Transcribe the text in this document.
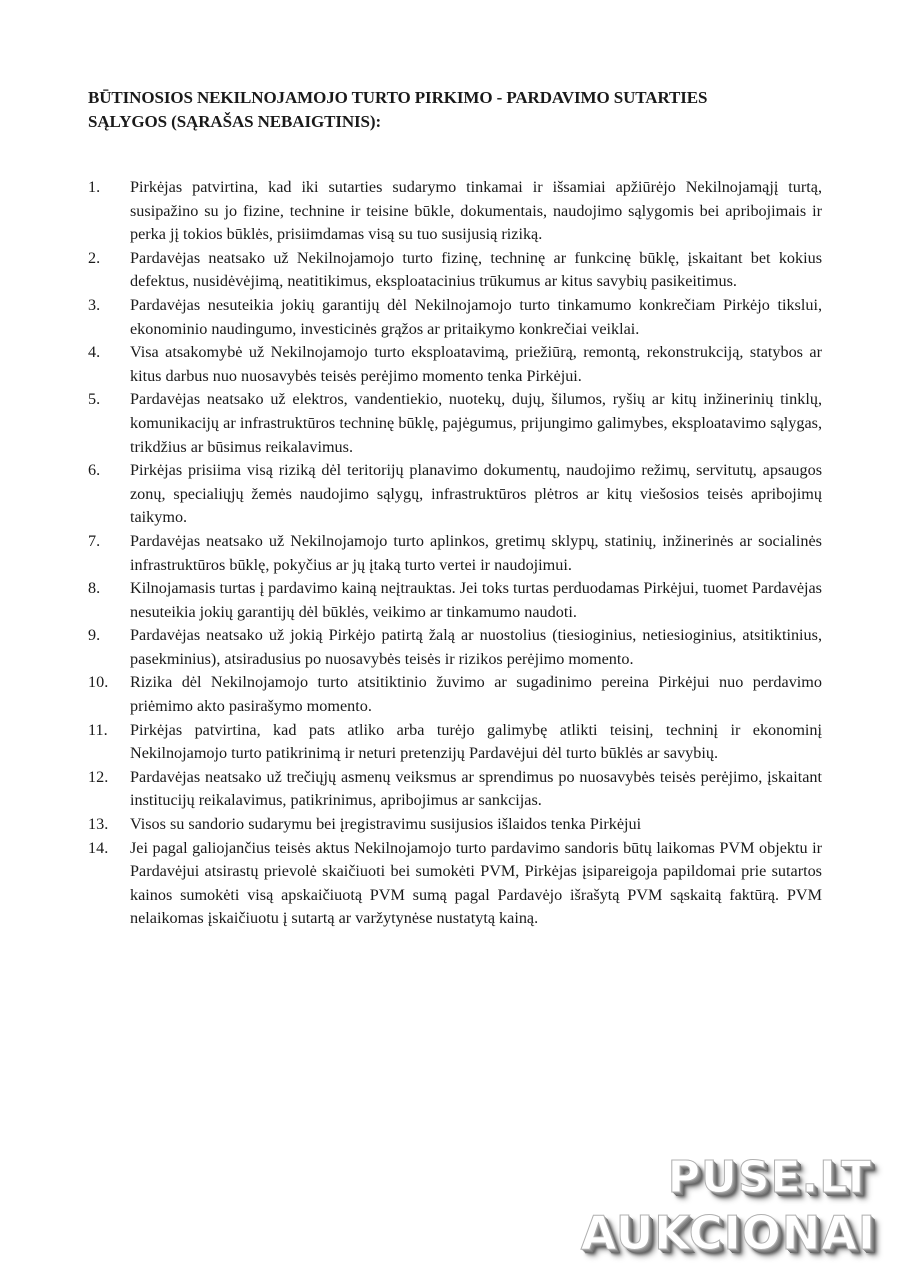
BŪTINOSIOS NEKILNOJAMOJO TURTO PIRKIMO - PARDAVIMO SUTARTIES
SĄLYGOS (SĄRAŠAS NEBAIGTINIS):
1.	Pirkėjas patvirtina, kad iki sutarties sudarymo tinkamai ir išsamiai apžiūrėjo Nekilnojamąjį turtą, susipažino su jo fizine, technine ir teisine būkle, dokumentais, naudojimo sąlygomis bei apribojimais ir perka jį tokios būklės, prisiimdamas visą su tuo susijusią riziką.
2.	Pardavėjas neatsako už Nekilnojamojo turto fizinę, techninę ar funkcinę būklę, įskaitant bet kokius defektus, nusidėvėjimą, neatitikimus, eksploatacinius trūkumus ar kitus savybių pasikeitimus.
3.	Pardavėjas nesuteikia jokių garantijų dėl Nekilnojamojo turto tinkamumo konkrečiam Pirkėjo tikslui, ekonominio naudingumo, investicinės grąžos ar pritaikymo konkrečiai veiklai.
4.	Visa atsakomybė už Nekilnojamojo turto eksploatavimą, priežiūrą, remontą, rekonstrukciją, statybos ar kitus darbus nuo nuosavybės teisės perėjimo momento tenka Pirkėjui.
5.	Pardavėjas neatsako už elektros, vandentiekio, nuotekų, dujų, šilumos, ryšių ar kitų inžinerinių tinklų, komunikacijų ar infrastruktūros techninę būklę, pajėgumus, prijungimo galimybes, eksploatavimo sąlygas, trikdžius ar būsimus reikalavimus.
6.	Pirkėjas prisiima visą riziką dėl teritorijų planavimo dokumentų, naudojimo režimų, servitutų, apsaugos zonų, specialiųjų žemės naudojimo sąlygų, infrastruktūros plėtros ar kitų viešosios teisės apribojimų taikymo.
7.	Pardavėjas neatsako už Nekilnojamojo turto aplinkos, gretimų sklypų, statinių, inžinerinės ar socialinės infrastruktūros būklę, pokyčius ar jų įtaką turto vertei ir naudojimui.
8.	Kilnojamasis turtas į pardavimo kainą neįtrauktas. Jei toks turtas perduodamas Pirkėjui, tuomet Pardavėjas nesuteikia jokių garantijų dėl būklės, veikimo ar tinkamumo naudoti.
9.	Pardavėjas neatsako už jokią Pirkėjo patirtą žalą ar nuostolius (tiesioginius, netiesioginius, atsitiktinius, pasekminius), atsiradusius po nuosavybės teisės ir rizikos perėjimo momento.
10.	Rizika dėl Nekilnojamojo turto atsitiktinio žuvimo ar sugadinimo pereina Pirkėjui nuo perdavimo priėmimo akto pasirašymo momento.
11.	Pirkėjas patvirtina, kad pats atliko arba turėjo galimybę atlikti teisinį, techninį ir ekonominį Nekilnojamojo turto patikrinimą ir neturi pretenzijų Pardavėjui dėl turto būklės ar savybių.
12.	Pardavėjas neatsako už trečiųjų asmenų veiksmus ar sprendimus po nuosavybės teisės perėjimo, įskaitant institucijų reikalavimus, patikrinimus, apribojimus ar sankcijas.
13.	Visos su sandorio sudarymu bei įregistravimu susijusios išlaidos tenka Pirkėjui
14.	Jei pagal galiojančius teisės aktus Nekilnojamojo turto pardavimo sandoris būtų laikomas PVM objektu ir Pardavėjui atsirastų prievolė skaičiuoti bei sumokėti PVM, Pirkėjas įsipareigoja papildomai prie sutartos kainos sumokėti visą apskaičiuotą PVM sumą pagal Pardavėjo išrašytą PVM sąskaitą faktūrą. PVM nelaikomas įskaičiuotu į sutartą ar varžytynėse nustatytą kainą.
PUSE.LT
AUKCIONAI
